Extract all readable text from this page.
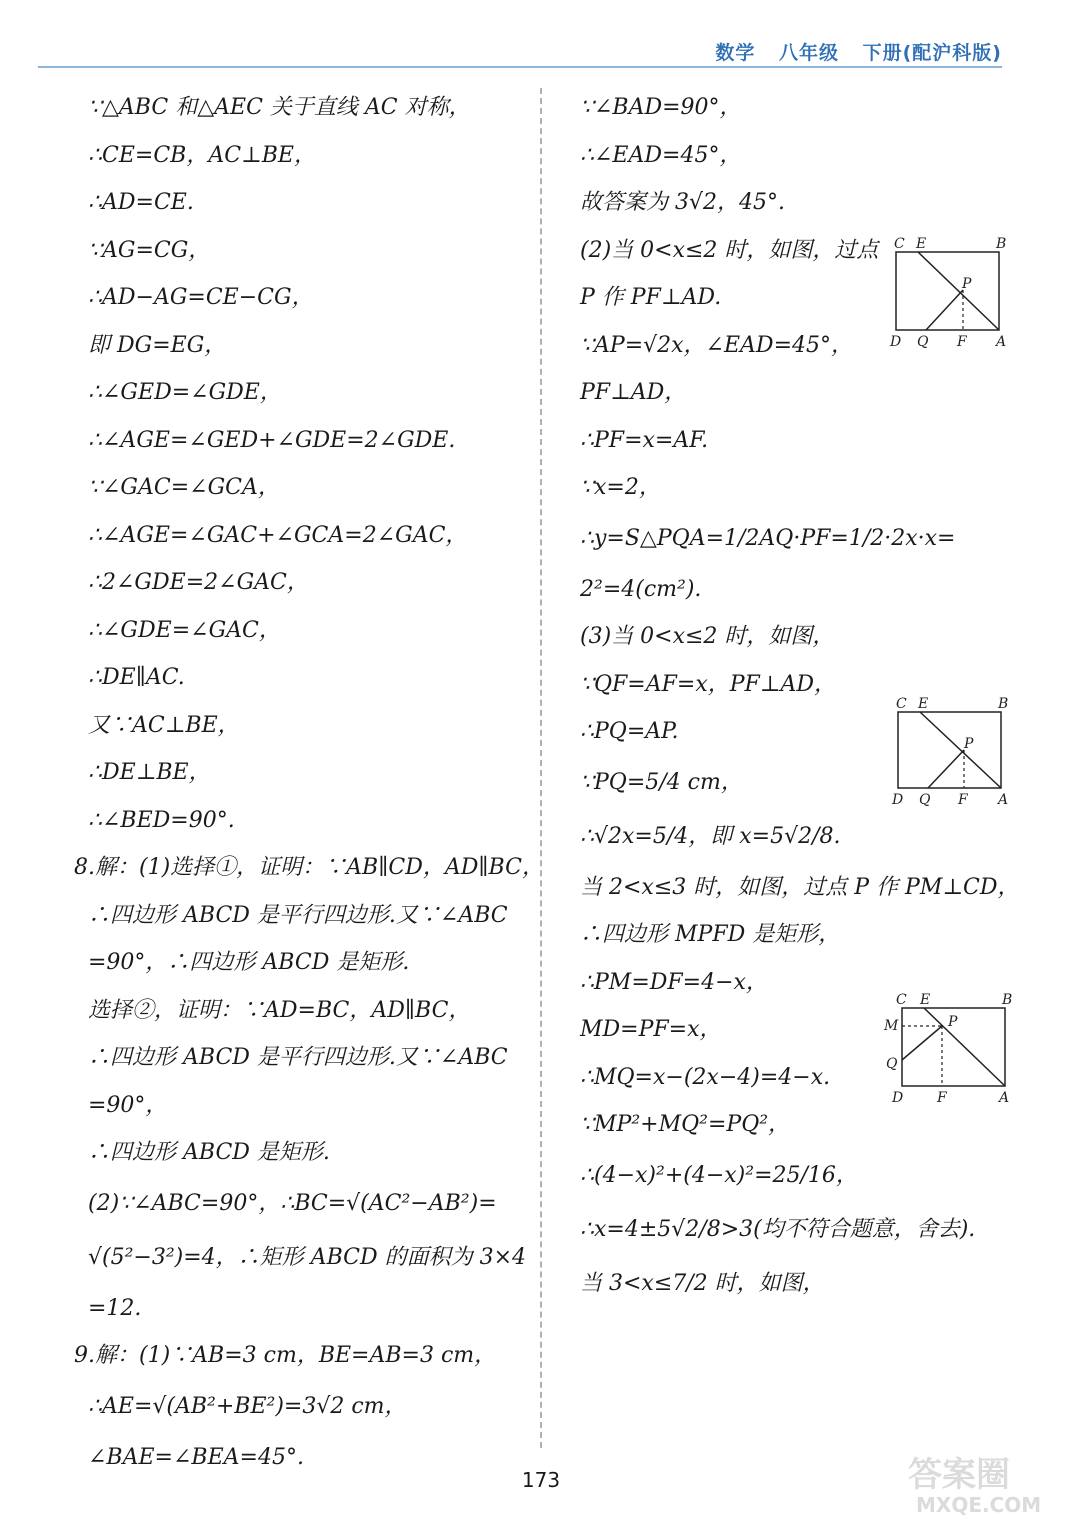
数学 八年级 下册(配沪科版)
∵△ABC 和△AEC 关于直线 AC 对称，
∴CE=CB，AC⊥BE，
∴AD=CE.
∵AG=CG，
∴AD−AG=CE−CG，
即 DG=EG，
∴∠GED=∠GDE，
∴∠AGE=∠GED+∠GDE=2∠GDE.
∵∠GAC=∠GCA，
∴∠AGE=∠GAC+∠GCA=2∠GAC，
∴2∠GDE=2∠GAC，
∴∠GDE=∠GAC，
∴DE∥AC.
又∵AC⊥BE，
∴DE⊥BE，
∴∠BED=90°.
8.解：(1)选择①，证明：∵AB∥CD，AD∥BC，
∴四边形 ABCD 是平行四边形.又∵∠ABC
=90°，∴四边形 ABCD 是矩形.
选择②，证明：∵AD=BC，AD∥BC，
∴四边形 ABCD 是平行四边形.又∵∠ABC
=90°，
∴四边形 ABCD 是矩形.
(2)∵∠ABC=90°，∴BC=√(AC²−AB²)=
√(5²−3²)=4，∴矩形 ABCD 的面积为 3×4
=12.
9.解：(1)∵AB=3 cm，BE=AB=3 cm，
∴AE=√(AB²+BE²)=3√2 cm，
∠BAE=∠BEA=45°.
∵∠BAD=90°，
∴∠EAD=45°，
故答案为 3√2，45°.
(2)当 0<x≤2 时，如图，过点
P 作 PF⊥AD.
∵AP=√2x，∠EAD=45°，
PF⊥AD，
∴PF=x=AF.
∵x=2，
∴y=S△PQA=1/2AQ·PF=1/2·2x·x=
2²=4(cm²).
(3)当 0<x≤2 时，如图，
∵QF=AF=x，PF⊥AD，
∴PQ=AP.
∵PQ=5/4 cm，
∴√2x=5/4，即 x=5√2/8.
当 2<x≤3 时，如图，过点 P 作 PM⊥CD，
∴四边形 MPFD 是矩形，
∴PM=DF=4−x，
MD=PF=x，
∴MQ=x−(2x−4)=4−x.
∵MP²+MQ²=PQ²，
∴(4−x)²+(4−x)²=25/16，
∴x=4±5√2/8>3(均不符合题意，舍去).
当 3<x≤7/2 时，如图，
C E	B
P
D Q F A
C E	B
P
D Q F A
C E	B
M	P
Q
D F	A
173	答案圈
MXQE.COM
